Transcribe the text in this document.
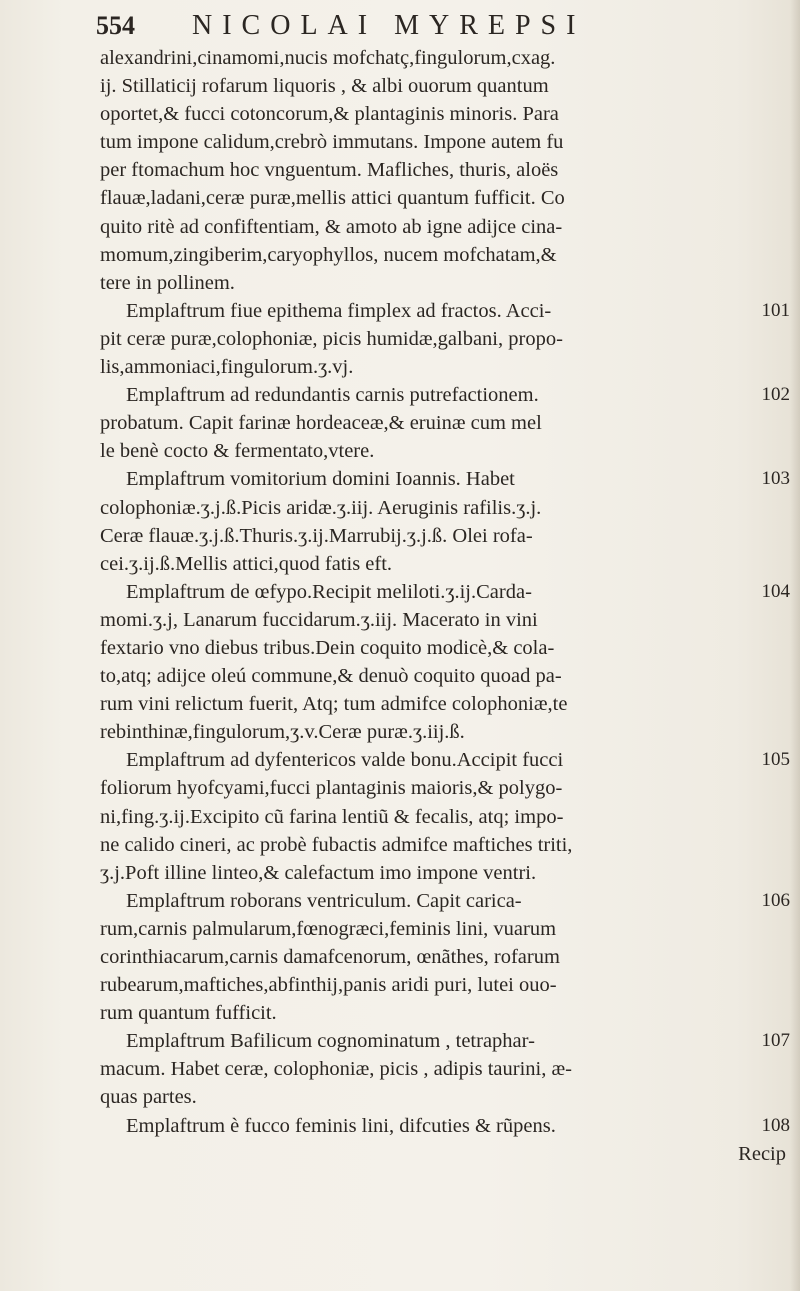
554 NICOLAI MYREPSI
alexandrini,cinamomi,nucis mofchatç,fingulorum,cxag.
ij. Stillaticij rofarum liquoris , & albi ouorum quantum
oportet,& fucci cotoncorum,& plantaginis minoris. Para
tum impone calidum,crebrò immutans. Impone autem fu
per ftomachum hoc vnguentum. Mafliches, thuris, aloës
flauæ,ladani,ceræ puræ,mellis attici quantum fufficit. Co
quito ritè ad confiftentiam, & amoto ab igne adijce cina-
momum,zingiberim,caryophyllos, nucem mofchatam,&
tere in pollinem.
Emplaftrum fiue epithema fimplex ad fractos. Acci-	101
pit ceræ puræ,colophoniæ, picis humidæ,galbani, propo-
lis,ammoniaci,fingulorum.ʒ.vj.
Emplaftrum ad redundantis carnis putrefactionem.	102
probatum. Capit farinæ hordeaceæ,& eruinæ cum mel
le benè cocto & fermentato,vtere.
Emplaftrum vomitorium domini Ioannis. Habet	103
colophoniæ.ʒ.j.ß.Picis aridæ.ʒ.iij. Aeruginis rafilis.ʒ.j.
Ceræ flauæ.ʒ.j.ß.Thuris.ʒ.ij.Marrubij.ʒ.j.ß. Olei rofa-
cei.ʒ.ij.ß.Mellis attici,quod fatis eft.
Emplaftrum de œfypo.Recipit meliloti.ʒ.ij.Carda-	104
momi.ʒ.j, Lanarum fuccidarum.ʒ.iij. Macerato in vini
fextario vno diebus tribus.Dein coquito modicè,& cola-
to,atq; adijce oleú commune,& denuò coquito quoad pa-
rum vini relictum fuerit, Atq; tum admifce colophoniæ,te
rebinthinæ,fingulorum,ʒ.v.Ceræ puræ.ʒ.iij.ß.
Emplaftrum ad dyfentericos valde bonu.Accipit fucci	105
foliorum hyofcyami,fucci plantaginis maioris,& polygo-
ni,fing.ʒ.ij.Excipito cũ farina lentiũ & fecalis, atq; impo-
ne calido cineri, ac probè fubactis admifce maftiches triti,
ʒ.j.Poft illine linteo,& calefactum imo impone ventri.
Emplaftrum roborans ventriculum. Capit carica-	106
rum,carnis palmularum,fœnogræci,feminis lini, vuarum
corinthiacarum,carnis damafcenorum, œnãthes, rofarum
rubearum,maftiches,abfinthij,panis aridi puri, lutei ouo-
rum quantum fufficit.
Emplaftrum Bafilicum cognominatum , tetraphar-	107
macum. Habet ceræ, colophoniæ, picis , adipis taurini, æ-
quas partes.
Emplaftrum è fucco feminis lini, difcuties & rũpens.	108
Recip
